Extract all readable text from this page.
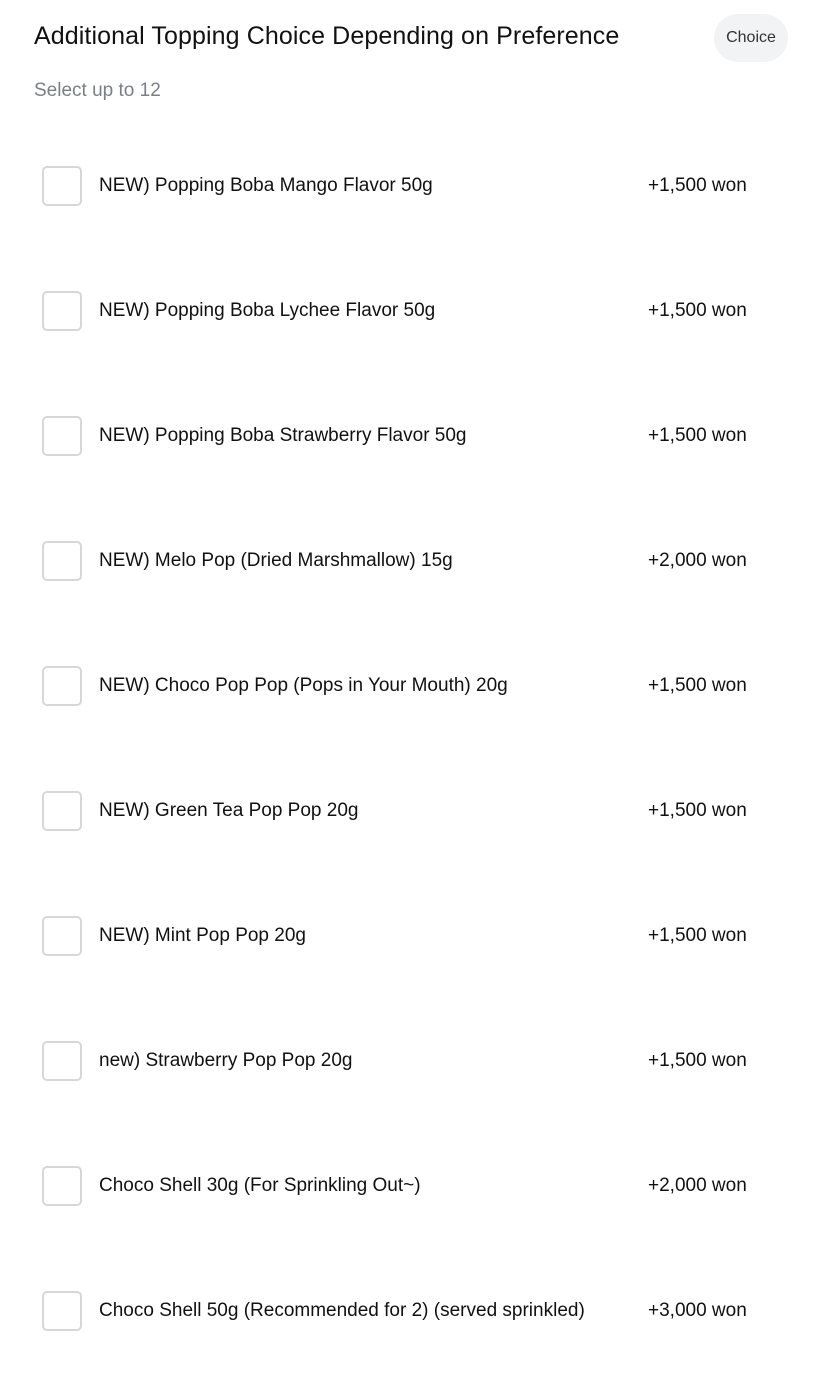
Additional Topping Choice Depending on Preference	Choice
Select up to 12
NEW) Popping Boba Mango Flavor 50g	+1,500 won
NEW) Popping Boba Lychee Flavor 50g	+1,500 won
NEW) Popping Boba Strawberry Flavor 50g	+1,500 won
NEW) Melo Pop (Dried Marshmallow) 15g	+2,000 won
NEW) Choco Pop Pop (Pops in Your Mouth) 20g	+1,500 won
NEW) Green Tea Pop Pop 20g	+1,500 won
NEW) Mint Pop Pop 20g	+1,500 won
new) Strawberry Pop Pop 20g	+1,500 won
Choco Shell 30g (For Sprinkling Out~)	+2,000 won
Choco Shell 50g (Recommended for 2) (served sprinkled)	+3,000 won
